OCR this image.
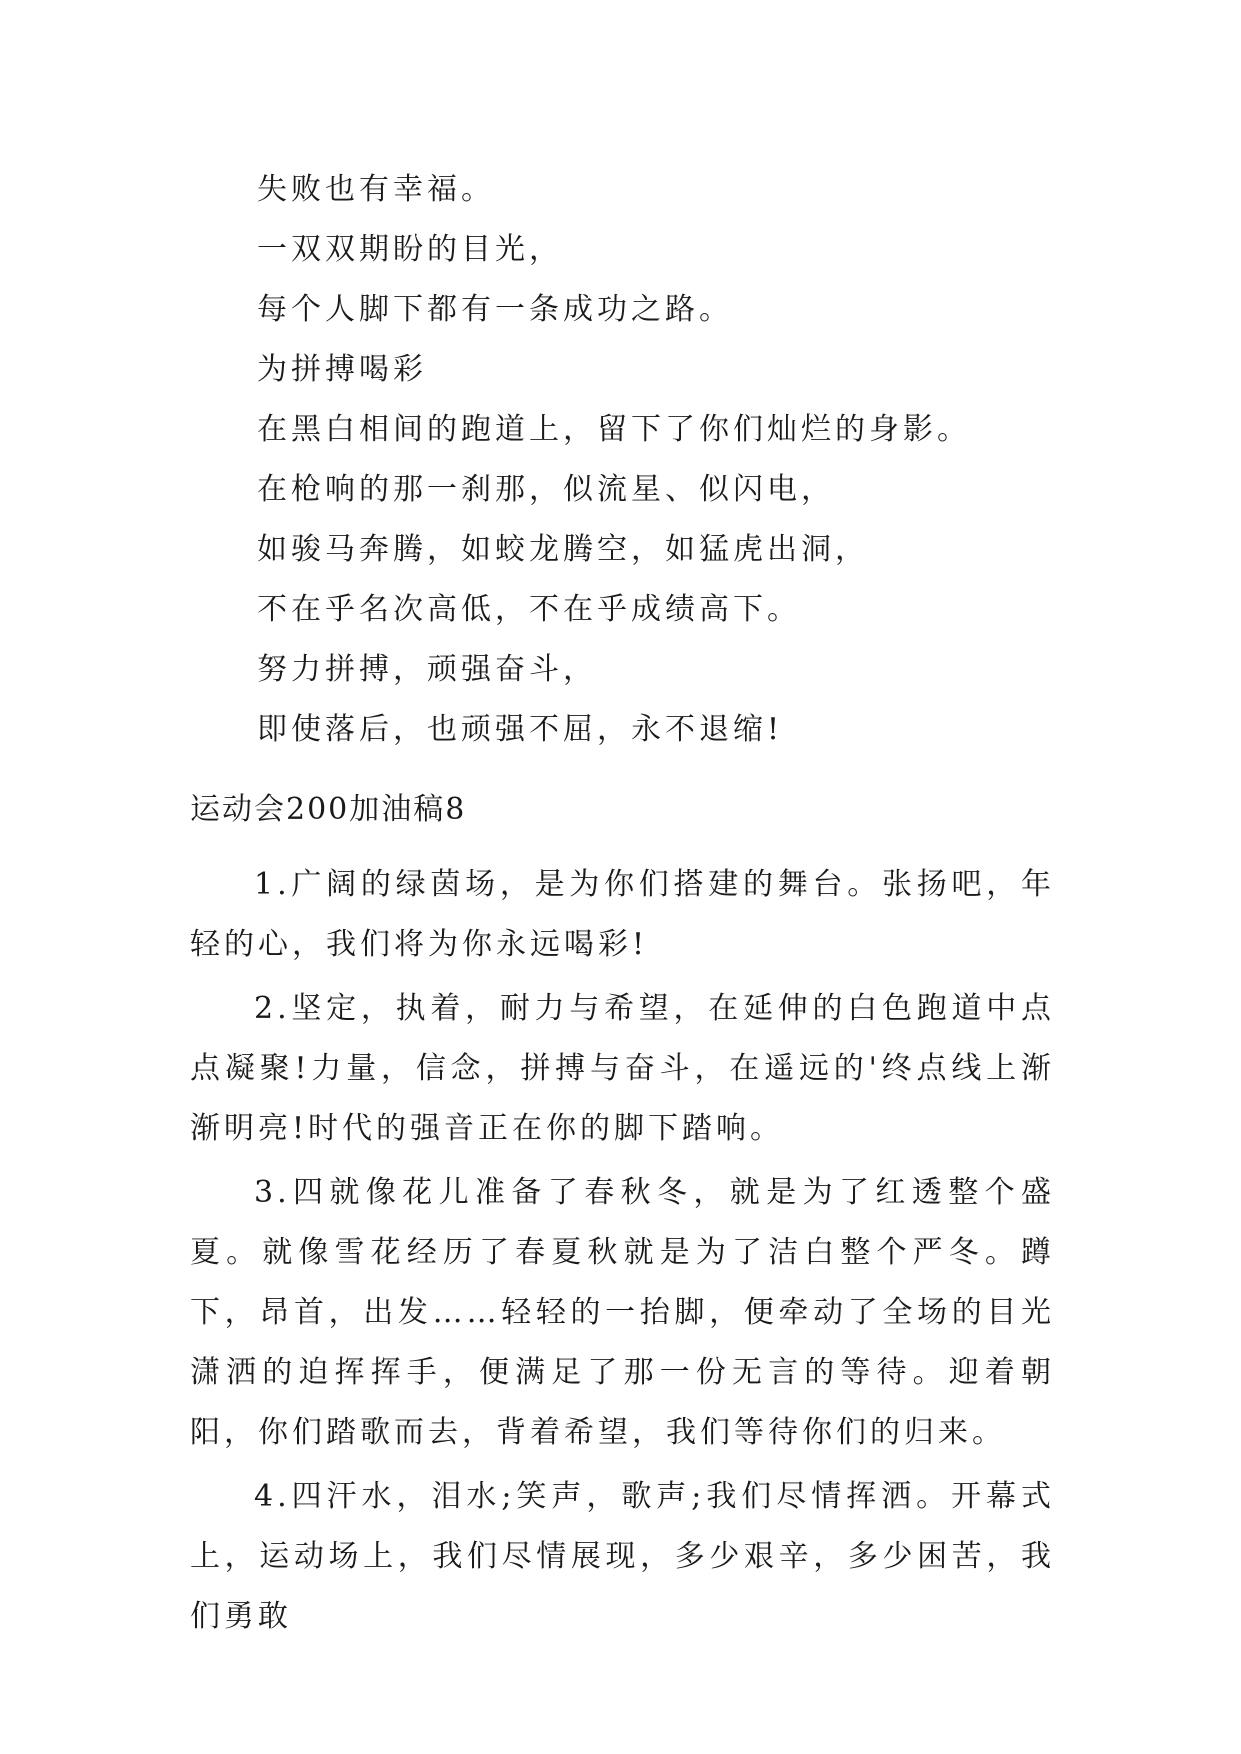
失败也有幸福。
一双双期盼的目光，
每个人脚下都有一条成功之路。
为拼搏喝彩
在黑白相间的跑道上，留下了你们灿烂的身影。
在枪响的那一刹那，似流星、似闪电，
如骏马奔腾，如蛟龙腾空，如猛虎出洞，
不在乎名次高低，不在乎成绩高下。
努力拼搏，顽强奋斗，
即使落后，也顽强不屈，永不退缩!
运动会200加油稿8

1.广阔的绿茵场，是为你们搭建的舞台。张扬吧，年轻的心，我们将为你永远喝彩!

2.坚定，执着，耐力与希望，在延伸的白色跑道中点点凝聚!力量，信念，拼搏与奋斗，在遥远的'终点线上渐渐明亮!时代的强音正在你的脚下踏响。

3.四就像花儿准备了春秋冬，就是为了红透整个盛夏。就像雪花经历了春夏秋就是为了洁白整个严冬。蹲下，昂首，出发……轻轻的一抬脚，便牵动了全场的目光潇洒的迫挥挥手，便满足了那一份无言的等待。迎着朝阳，你们踏歌而去，背着希望，我们等待你们的归来。

4.四汗水，泪水;笑声，歌声;我们尽情挥洒。开幕式上，运动场上，我们尽情展现，多少艰辛，多少困苦，我们勇敢
